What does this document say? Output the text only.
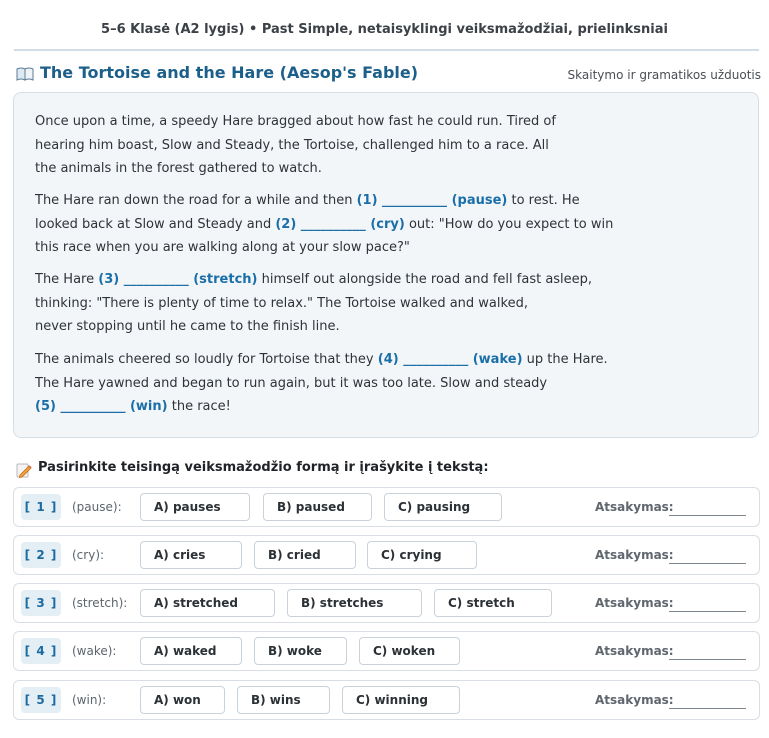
5–6 Klasė (A2 lygis) • Past Simple, netaisyklingi veiksmažodžiai, prielinksniai
The Tortoise and the Hare (Aesop's Fable)	Skaitymo ir gramatikos užduotis
Once upon a time, a speedy Hare bragged about how fast he could run. Tired of
hearing him boast, Slow and Steady, the Tortoise, challenged him to a race. All
the animals in the forest gathered to watch.
The Hare ran down the road for a while and then (1) __________ (pause) to rest. He
looked back at Slow and Steady and (2) __________ (cry) out: "How do you expect to win
this race when you are walking along at your slow pace?"
The Hare (3) __________ (stretch) himself out alongside the road and fell fast asleep,
thinking: "There is plenty of time to relax." The Tortoise walked and walked,
never stopping until he came to the finish line.
The animals cheered so loudly for Tortoise that they (4) __________ (wake) up the Hare.
The Hare yawned and began to run again, but it was too late. Slow and steady
(5) __________ (win) the race!
Pasirinkite teisingą veiksmažodžio formą ir įrašykite į tekstą:
[ 1 ]	(pause):	A) pauses	B) paused	C) pausing	Atsakymas:
[ 2 ]	(cry):	A) cries	B) cried	C) crying	Atsakymas:
[ 3 ]	(stretch):	A) stretched	B) stretches	C) stretch	Atsakymas:
[ 4 ]	(wake):	A) waked	B) woke	C) woken	Atsakymas:
[ 5 ]	(win):	A) won	B) wins	C) winning	Atsakymas:
